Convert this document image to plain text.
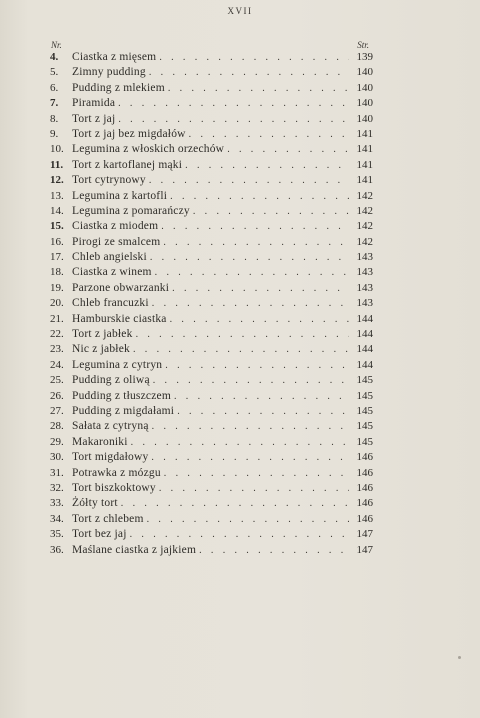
XVII
Nr.	Str.
4.	Ciastka z mięsem . . .	139
5.	Zimny pudding . . .	140
6.	Pudding z mlekiem . . .	140
7.	Piramida . . .	140
8.	Tort z jaj . . .	140
9.	Tort z jaj bez migdałów . . .	141
10. Legumina z włoskich orzechów . . .	141
11. Tort z kartoflanej mąki . . .	141
12. Tort cytrynowy . . .	141
13. Legumina z kartofli . . .	142
14. Legumina z pomarańczy . . .	142
15. Ciastka z miodem . . .	142
16. Pirogi ze smalcem . . .	142
17. Chleb angielski . . .	143
18. Ciastka z winem . . .	143
19. Parzone obwarzanki . . .	143
20. Chleb francuzki . . .	143
21. Hamburskie ciastka . . .	144
22. Tort z jabłek . . .	144
23. Nic z jabłek . . .	144
24. Legumina z cytryn . . .	144
25. Pudding z oliwą . . .	145
26. Pudding z tłuszczem . . .	145
27. Pudding z migdałami . . .	145
28. Sałata z cytryną . . .	145
29. Makaroniki . . .	145
30. Tort migdałowy . . .	146
31. Potrawka z mózgu . . .	146
32. Tort biszkoktowy . . .	146
33. Żółty tort . . .	146
34. Tort z chlebem . . .	146
35. Tort bez jaj . . .	147
36. Maślane ciastka z jajkiem . . .	147
